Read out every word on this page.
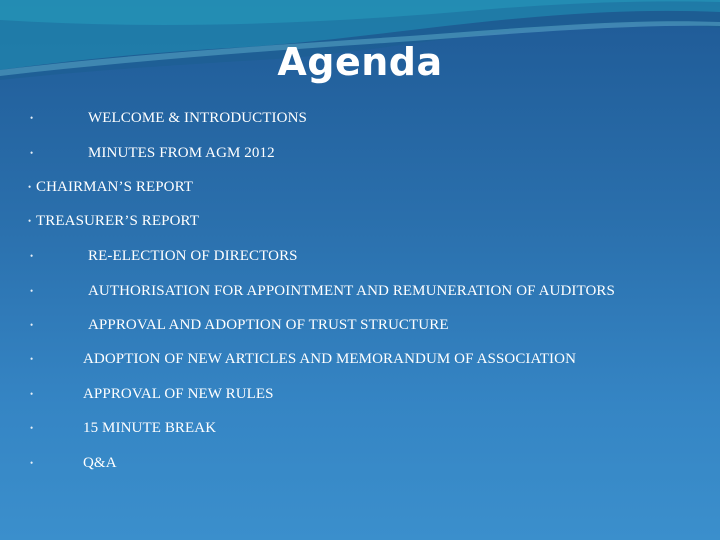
Agenda
•	WELCOME & INTRODUCTIONS
•	MINUTES FROM AGM 2012
• CHAIRMAN’S REPORT
• TREASURER’S REPORT
•	RE-ELECTION OF DIRECTORS
•	AUTHORISATION FOR APPOINTMENT AND REMUNERATION OF AUDITORS
•	APPROVAL AND ADOPTION OF TRUST STRUCTURE
•	ADOPTION OF NEW ARTICLES AND MEMORANDUM OF ASSOCIATION
•	APPROVAL OF NEW RULES
•	15 MINUTE BREAK
•	Q&A
